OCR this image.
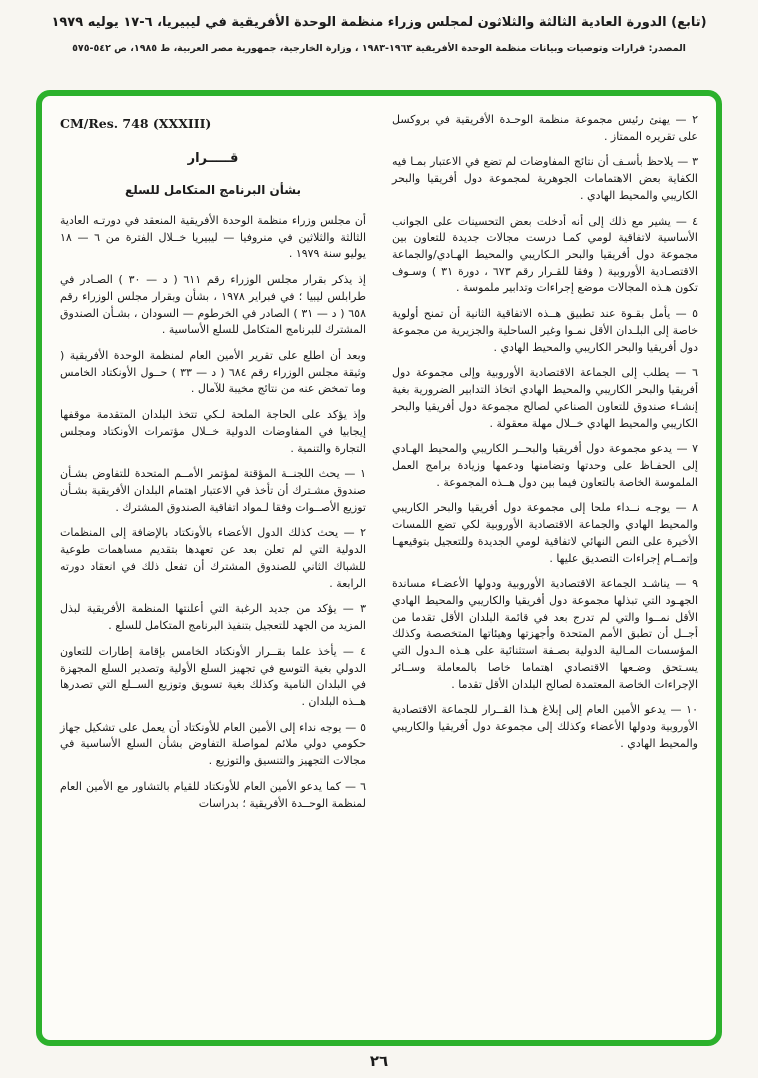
(تابع) الدورة العادية الثالثة والثلاثون لمجلس وزراء منظمة الوحدة الأفريقية في ليبيريا، ٦-١٧ يوليه ١٩٧٩
المصدر: قرارات وتوصيات وبيانات منظمة الوحدة الأفريقية ١٩٦٣-١٩٨٣ ، وزارة الخارجية، جمهورية مصر العربية، ط ١٩٨٥، ص ٥٤٢-٥٧٥

٢ — يهنئ رئيس مجموعة منظمة الوحـدة الأفريقية في بروكسل على تقريره الممتاز .

٣ — يلاحظ بأسـف أن نتائج المفاوضات لم تضع في الاعتبار بمـا فيه الكفاية بعض الاهتمامات الجوهرية لمجموعة دول أفريقيا والبحر الكاريبي والمحيط الهادي .

٤ — يشير مع ذلك إلى أنه أدخلت بعض التحسينات على الجوانب الأساسية لاتفاقية لومي كمـا درست مجالات جديدة للتعاون بين مجموعة دول أفريقيا والبحر الـكاريبي والمحيط الهـادي/والجماعة الاقتصـادية الأوروبية ( وفقا للقـرار رقم ٦٧٣ ، دورة ٣١ ) وسـوف تكون هـذه المجالات موضع إجراءات وتدابير ملموسة .

٥ — يأمل بقـوة عند تطبيق هــذه الاتفاقية الثانية أن تمنح أولوية خاصة إلى البلـدان الأقل نمـوا وغير الساحلية والجزيرية من مجموعة دول أفريقيا والبحر الكاريبي والمحيط الهادي .

٦ — يطلب إلى الجماعة الاقتصادية الأوروبية وإلى مجموعة دول أفريقيا والبحر الكاريبي والمحيط الهادي اتخاذ التدابير الضرورية بغية إنشـاء صندوق للتعاون الصناعي لصالح مجموعة دول أفريقيا والبحر الكاريبي والمحيط الهادي خــلال مهلة معقولة .

٧ — يدعو مجموعة دول أفريقيا والبحــر الكاريبي والمحيط الهـادي إلى الحفـاظ على وحدتها وتضامنها ودعمها وزيادة برامج العمل الملموسة الخاصة بالتعاون فيما بين دول هــذه المجموعة .

٨ — يوجـه نــداء ملحا إلى مجموعة دول أفريقيا والبحر الكاريبي والمحيط الهادي والجماعة الاقتصادية الأوروبية لكي تضع اللمسات الأخيرة على النص النهائي لاتفاقية لومي الجديدة وللتعجيل بتوقيعهـا وإتمــام إجراءات التصديق عليها .

٩ — يناشـد الجماعة الاقتصادية الأوروبية ودولها الأعضـاء مساندة الجهـود التي تبذلها مجموعة دول أفريقيا والكاريبي والمحيط الهادي الأقل نمــوا والتي لم تدرج بعد في قائمة البلدان الأقل تقدما من أجــل أن تطبق الأمم المتحدة وأجهزتها وهيئاتها المتخصصة وكذلك المؤسسات المـالية الدولية بصـفة استثنائية على هـذه الـدول التي يسـتحق وضـعها الاقتصادي اهتماما خاصا بالمعاملة وســائر الإجراءات الخاصة المعتمدة لصالح البلدان الأقل تقدما .

١٠ — يدعو الأمين العام إلى إبلاغ هـذا القــرار للجماعة الاقتصادية الأوروبية ودولها الأعضاء وكذلك إلى مجموعة دول أفريقيا والكاريبي والمحيط الهادي .

CM/Res. 748 (XXXIII)
قـــــرار
بشأن البرنامج المتكامل للسلع

أن مجلس وزراء منظمة الوحدة الأفريقية المنعقد في دورتـه العادية الثالثة والثلاثين في منروفيا — ليبيريا خــلال الفترة من ٦ — ١٨ يوليو سنة ١٩٧٩ .

إذ يذكر بقرار مجلس الوزراء رقم ٦١١ ( د — ٣٠ ) الصـادر في طرابلس ليبيا ؛ في فبراير ١٩٧٨ ، بشأن وبقرار مجلس الوزراء رقم ٦٥٨ ( د — ٣١ ) الصادر في الخرطوم — السودان ، بشـأن الصندوق المشترك للبرنامج المتكامل للسلع الأساسية .

وبعد أن اطلع على تقرير الأمين العام لمنظمة الوحدة الأفريقية ( وثيقة مجلس الوزراء رقم ٦٨٤ ( د — ٣٣ ) حــول الأونكتاد الخامس وما تمخض عنه من نتائج مخيبة للآمال .

وإذ يؤكد على الحاجة الملحة لـكي تتخذ البلدان المتقدمة موقفها إيجابيا في المفاوضات الدولية خــلال مؤتمرات الأونكتاد ومجلس التجارة والتنمية .

١ — يحث اللجنــة المؤقتة لمؤتمر الأمــم المتحدة للتفاوض بشـأن صندوق مشـترك أن تأخذ في الاعتبار اهتمام البلدان الأفريقية بشـأن توزيع الأصــوات وفقا لـمواد اتفاقية الصندوق المشترك .

٢ — يحث كذلك الدول الأعضاء بالأونكتاد بالإضافة إلى المنظمات الدولية التي لم تعلن بعد عن تعهدها بتقديم مساهمات طوعية للشباك الثاني للصندوق المشترك أن تفعل ذلك في انعقاد دورته الرابعة .

٣ — يؤكد من جديد الرغبة التي أعلنتها المنظمة الأفريقية لبذل المزيد من الجهد للتعجيل بتنفيذ البرنامج المتكامل للسلع .

٤ — يأخذ علما بقــرار الأونكتاد الخامس بإقامة إطارات للتعاون الدولي بغية التوسع في تجهيز السلع الأولية وتصدير السلع المجهزة في البلدان النامية وكذلك بغية تسويق وتوزيع الســلع التي تصدرها هــذه البلدان .

٥ — يوجه نداء إلى الأمين العام للأونكتاد أن يعمل على تشكيل جهاز حكومي دولي ملائم لمواصلة التفاوض بشأن السلع الأساسية في مجالات التجهيز والتنسيق والتوزيع .

٦ — كما يدعو الأمين العام للأونكتاد للقيام بالتشاور مع الأمين العام لمنظمة الوحــدة الأفريقية ؛ بدراسات

٢٦
